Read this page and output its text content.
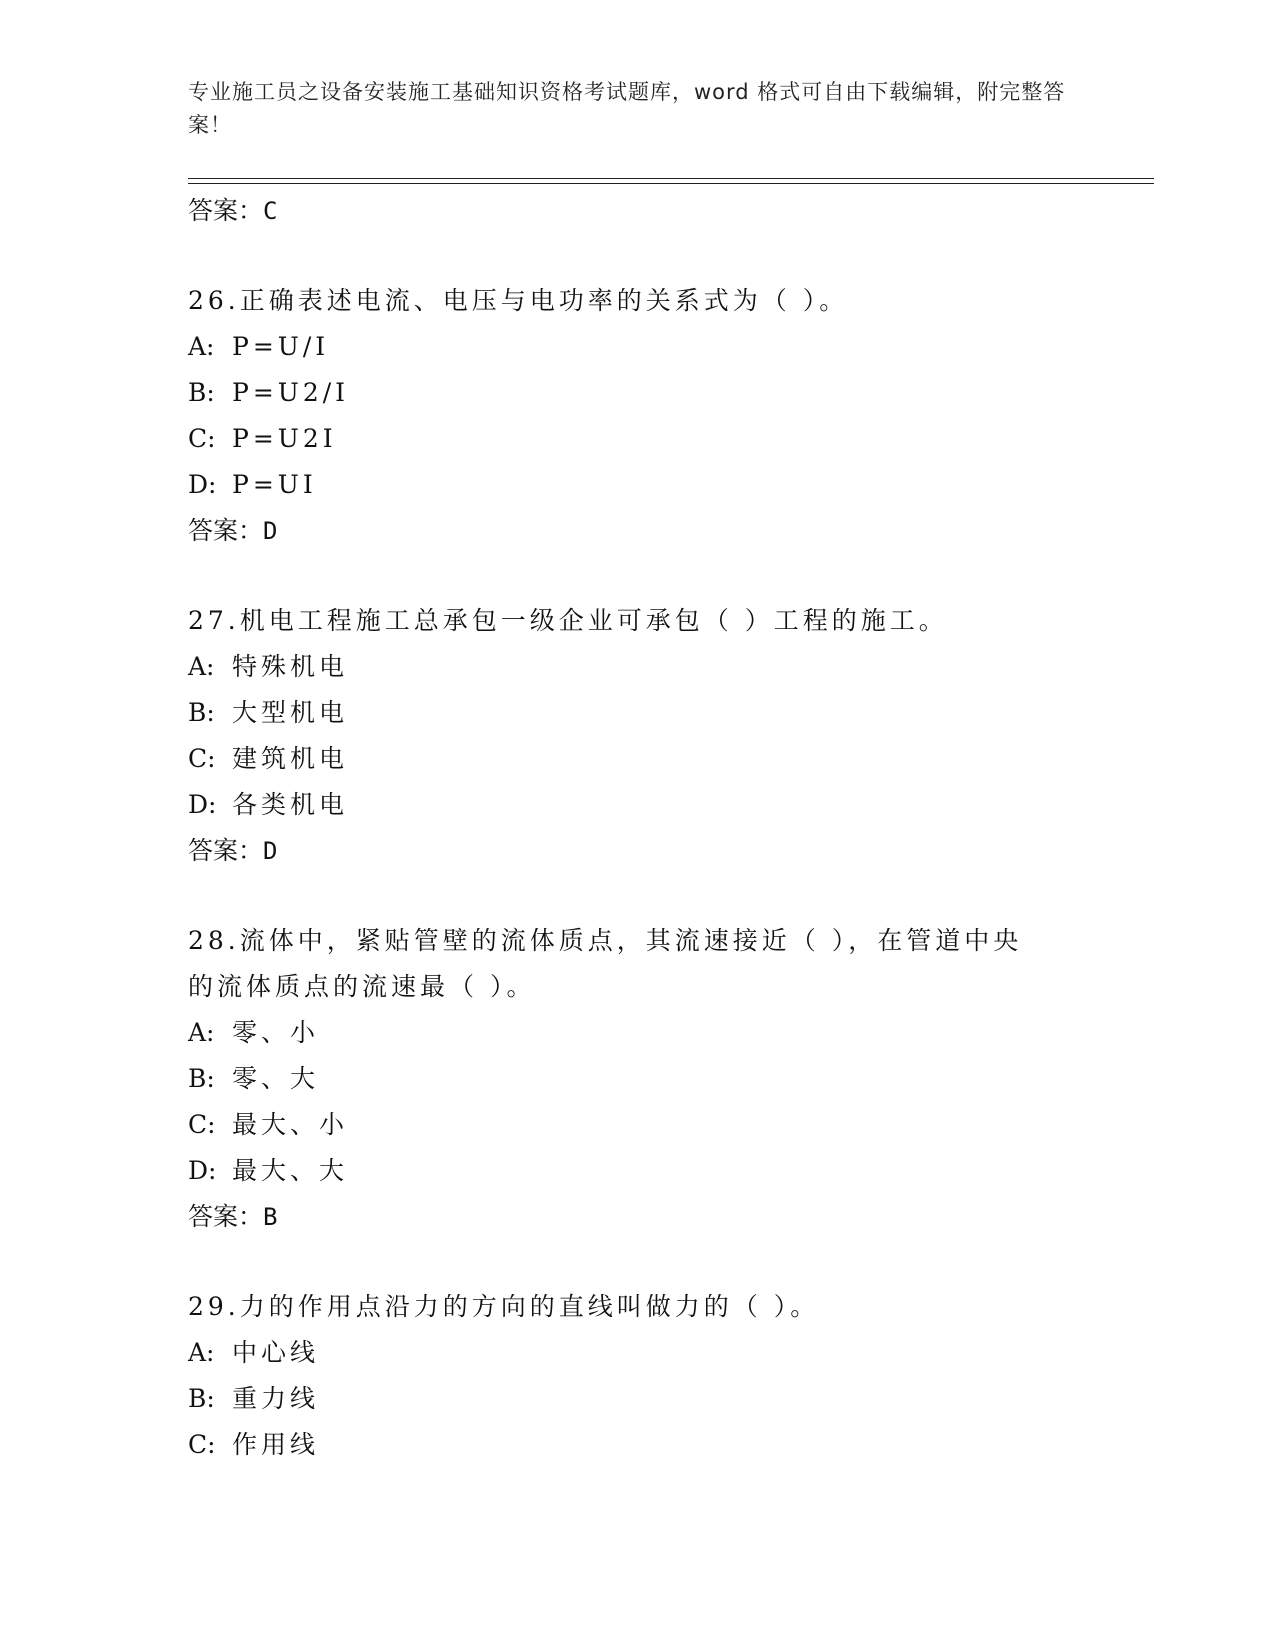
专业施工员之设备安装施工基础知识资格考试题库，word 格式可自由下载编辑，附完整答案！
答案：C
26.正确表述电流、电压与电功率的关系式为（ ）。
A: P=U/I
B: P=U2/I
C: P=U2I
D: P=UI
答案：D
27.机电工程施工总承包一级企业可承包（ ）工程的施工。
A: 特殊机电
B: 大型机电
C: 建筑机电
D: 各类机电
答案：D
28.流体中，紧贴管壁的流体质点，其流速接近（ ），在管道中央的流体质点的流速最（ ）。
A: 零、小
B: 零、大
C: 最大、小
D: 最大、大
答案：B
29.力的作用点沿力的方向的直线叫做力的（ ）。
A: 中心线
B: 重力线
C: 作用线
